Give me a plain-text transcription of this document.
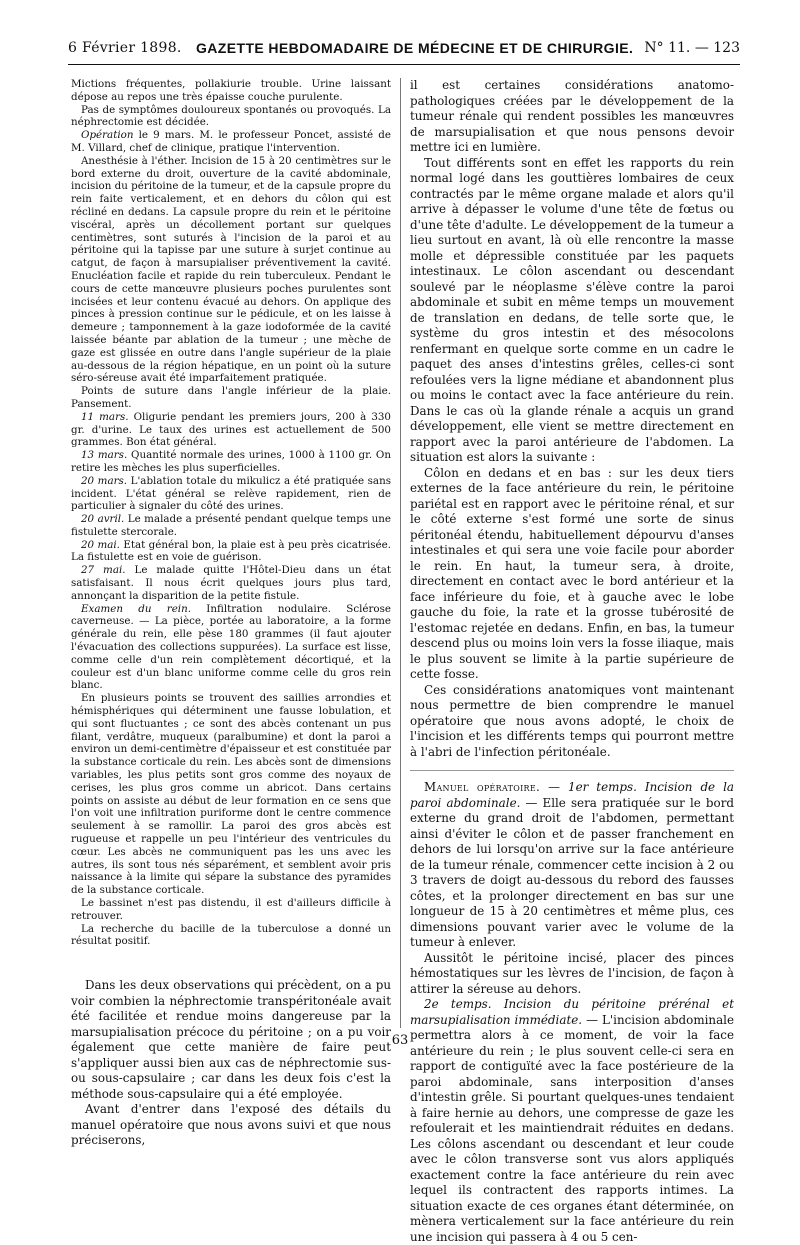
6 Février 1898. GAZETTE HEBDOMADAIRE DE MÉDECINE ET DE CHIRURGIE. N° 11. — 123

Mictions fréquentes, pollakiurie trouble. Urine laissant dépose au repos une très épaisse couche purulente.

Pas de symptômes douloureux spontanés ou provoqués. La néphrectomie est décidée.

Opération le 9 mars. M. le professeur Poncet, assisté de M. Villard, chef de clinique, pratique l'intervention.

Anesthésie à l'éther. Incision de 15 à 20 centimètres sur le bord externe du droit, ouverture de la cavité abdominale, incision du péritoine de la tumeur, et de la capsule propre du rein faite verticalement, et en dehors du côlon qui est récliné en dedans. La capsule propre du rein et le péritoine viscéral, après un décollement portant sur quelques centimètres, sont suturés à l'incision de la paroi et au péritoine qui la tapisse par une suture à surjet continue au catgut, de façon à marsupialiser préventivement la cavité. Enucléation facile et rapide du rein tuberculeux. Pendant le cours de cette manœuvre plusieurs poches purulentes sont incisées et leur contenu évacué au dehors. On applique des pinces à pression continue sur le pédicule, et on les laisse à demeure ; tamponnement à la gaze iodoformée de la cavité laissée béante par ablation de la tumeur ; une mèche de gaze est glissée en outre dans l'angle supérieur de la plaie au-dessous de la région hépatique, en un point où la suture séro-séreuse avait été imparfaitement pratiquée.

Points de suture dans l'angle inférieur de la plaie. Pansement.

11 mars. Oligurie pendant les premiers jours, 200 à 330 gr. d'urine. Le taux des urines est actuellement de 500 grammes. Bon état général.

13 mars. Quantité normale des urines, 1000 à 1100 gr. On retire les mèches les plus superficielles.

20 mars. L'ablation totale du mikulicz a été pratiquée sans incident. L'état général se relève rapidement, rien de particulier à signaler du côté des urines.

20 avril. Le malade a présenté pendant quelque temps une fistulette stercorale.

20 mai. Etat général bon, la plaie est à peu près cicatrisée. La fistulette est en voie de guérison.

27 mai. Le malade quitte l'Hôtel-Dieu dans un état satisfaisant. Il nous écrit quelques jours plus tard, annonçant la disparition de la petite fistule.

Examen du rein. Infiltration nodulaire. Sclérose caverneuse. — La pièce, portée au laboratoire, a la forme générale du rein, elle pèse 180 grammes (il faut ajouter l'évacuation des collections suppurées). La surface est lisse, comme celle d'un rein complètement décortiqué, et la couleur est d'un blanc uniforme comme celle du gros rein blanc.

En plusieurs points se trouvent des saillies arrondies et hémisphériques qui déterminent une fausse lobulation, et qui sont fluctuantes ; ce sont des abcès contenant un pus filant, verdâtre, muqueux (paralbumine) et dont la paroi a environ un demi-centimètre d'épaisseur et est constituée par la substance corticale du rein. Les abcès sont de dimensions variables, les plus petits sont gros comme des noyaux de cerises, les plus gros comme un abricot. Dans certains points on assiste au début de leur formation en ce sens que l'on voit une infiltration puriforme dont le centre commence seulement à se ramollir. La paroi des gros abcès est rugueuse et rappelle un peu l'intérieur des ventricules du cœur. Les abcès ne communiquent pas les uns avec les autres, ils sont tous nés séparément, et semblent avoir pris naissance à la limite qui sépare la substance des pyramides de la substance corticale.

Le bassinet n'est pas distendu, il est d'ailleurs difficile à retrouver.

La recherche du bacille de la tuberculose a donné un résultat positif.

Dans les deux observations qui précèdent, on a pu voir combien la néphrectomie transpéritonéale avait été facilitée et rendue moins dangereuse par la marsupialisation précoce du péritoine ; on a pu voir également que cette manière de faire peut s'appliquer aussi bien aux cas de néphrectomie sus- ou sous-capsulaire ; car dans les deux fois c'est la méthode sous-capsulaire qui a été employée.

Avant d'entrer dans l'exposé des détails du manuel opératoire que nous avons suivi et que nous préciserons,

il est certaines considérations anatomo-pathologiques créées par le développement de la tumeur rénale qui rendent possibles les manœuvres de marsupialisation et que nous pensons devoir mettre ici en lumière.

Tout différents sont en effet les rapports du rein normal logé dans les gouttières lombaires de ceux contractés par le même organe malade et alors qu'il arrive à dépasser le volume d'une tête de fœtus ou d'une tête d'adulte. Le développement de la tumeur a lieu surtout en avant, là où elle rencontre la masse molle et dépressible constituée par les paquets intestinaux. Le côlon ascendant ou descendant soulevé par le néoplasme s'élève contre la paroi abdominale et subit en même temps un mouvement de translation en dedans, de telle sorte que, le système du gros intestin et des mésocolons renfermant en quelque sorte comme en un cadre le paquet des anses d'intestins grêles, celles-ci sont refoulées vers la ligne médiane et abandonnent plus ou moins le contact avec la face antérieure du rein. Dans le cas où la glande rénale a acquis un grand développement, elle vient se mettre directement en rapport avec la paroi antérieure de l'abdomen. La situation est alors la suivante :

Côlon en dedans et en bas : sur les deux tiers externes de la face antérieure du rein, le péritoine pariétal est en rapport avec le péritoine rénal, et sur le côté externe s'est formé une sorte de sinus péritonéal étendu, habituellement dépourvu d'anses intestinales et qui sera une voie facile pour aborder le rein. En haut, la tumeur sera, à droite, directement en contact avec le bord antérieur et la face inférieure du foie, et à gauche avec le lobe gauche du foie, la rate et la grosse tubérosité de l'estomac rejetée en dedans. Enfin, en bas, la tumeur descend plus ou moins loin vers la fosse iliaque, mais le plus souvent se limite à la partie supérieure de cette fosse.

Ces considérations anatomiques vont maintenant nous permettre de bien comprendre le manuel opératoire que nous avons adopté, le choix de l'incision et les différents temps qui pourront mettre à l'abri de l'infection péritonéale.

Manuel opératoire. — 1er temps. Incision de la paroi abdominale. — Elle sera pratiquée sur le bord externe du grand droit de l'abdomen, permettant ainsi d'éviter le côlon et de passer franchement en dehors de lui lorsqu'on arrive sur la face antérieure de la tumeur rénale, commencer cette incision à 2 ou 3 travers de doigt au-dessous du rebord des fausses côtes, et la prolonger directement en bas sur une longueur de 15 à 20 centimètres et même plus, ces dimensions pouvant varier avec le volume de la tumeur à enlever.

Aussitôt le péritoine incisé, placer des pinces hémostatiques sur les lèvres de l'incision, de façon à attirer la séreuse au dehors.

2e temps. Incision du péritoine prérénal et marsupialisation immédiate. — L'incision abdominale permettra alors à ce moment, de voir la face antérieure du rein ; le plus souvent celle-ci sera en rapport de contiguïté avec la face postérieure de la paroi abdominale, sans interposition d'anses d'intestin grêle. Si pourtant quelques-unes tendaient à faire hernie au dehors, une compresse de gaze les refoulerait et les maintiendrait réduites en dedans. Les côlons ascendant ou descendant et leur coude avec le côlon transverse sont vus alors appliqués exactement contre la face antérieure du rein avec lequel ils contractent des rapports intimes. La situation exacte de ces organes étant déterminée, on mènera verticalement sur la face antérieure du rein une incision qui passera à 4 ou 5 cen-

63
